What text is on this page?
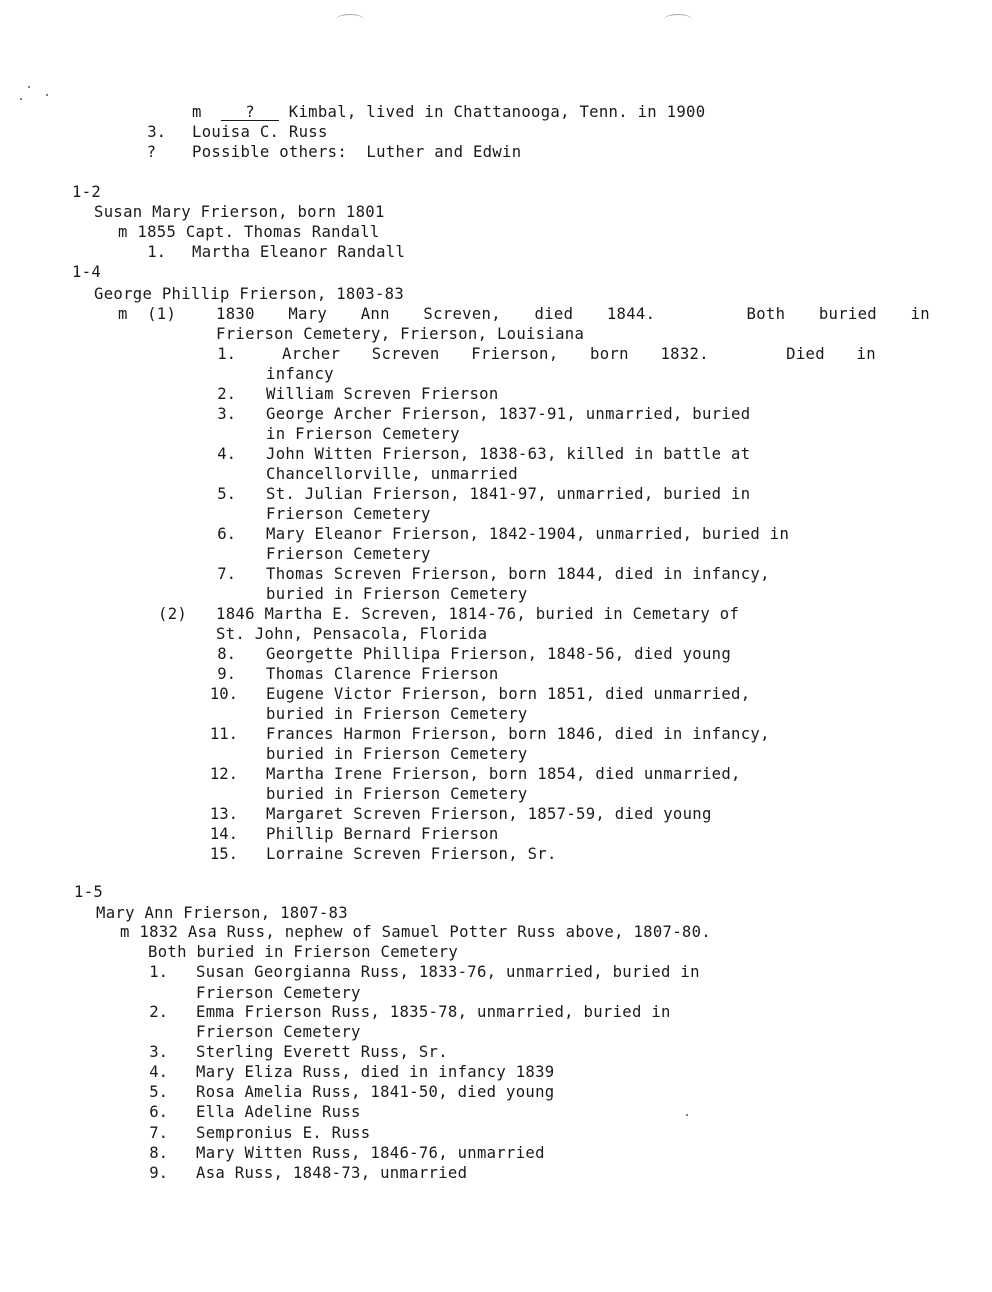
m	? Kimbal, lived in Chattanooga, Tenn. in 1900
3. Louisa C. Russ
? Possible others:  Luther and Edwin
1-2
Susan Mary Frierson, born 1801
m 1855 Capt. Thomas Randall
1. Martha Eleanor Randall
1-4
George Phillip Frierson, 1803-83
m  (1)	1830 Mary Ann Screven, died 1844.	Both buried in
Frierson Cemetery, Frierson, Louisiana
1.	Archer Screven Frierson, born 1832.	Died in
infancy
2. William Screven Frierson
3. George Archer Frierson, 1837-91, unmarried, buried
in Frierson Cemetery
4. John Witten Frierson, 1838-63, killed in battle at
Chancellorville, unmarried
5. St. Julian Frierson, 1841-97, unmarried, buried in
Frierson Cemetery
6. Mary Eleanor Frierson, 1842-1904, unmarried, buried in
Frierson Cemetery
7. Thomas Screven Frierson, born 1844, died in infancy,
buried in Frierson Cemetery
(2) 1846 Martha E. Screven, 1814-76, buried in Cemetary of
St. John, Pensacola, Florida
8. Georgette Phillipa Frierson, 1848-56, died young
9. Thomas Clarence Frierson
10. Eugene Victor Frierson, born 1851, died unmarried,
buried in Frierson Cemetery
11. Frances Harmon Frierson, born 1846, died in infancy,
buried in Frierson Cemetery
12. Martha Irene Frierson, born 1854, died unmarried,
buried in Frierson Cemetery
13. Margaret Screven Frierson, 1857-59, died young
14. Phillip Bernard Frierson
15. Lorraine Screven Frierson, Sr.
1-5
Mary Ann Frierson, 1807-83
m 1832 Asa Russ, nephew of Samuel Potter Russ above, 1807-80.
Both buried in Frierson Cemetery
1. Susan Georgianna Russ, 1833-76, unmarried, buried in
Frierson Cemetery
2. Emma Frierson Russ, 1835-78, unmarried, buried in
Frierson Cemetery
3. Sterling Everett Russ, Sr.
4. Mary Eliza Russ, died in infancy 1839
5. Rosa Amelia Russ, 1841-50, died young
6. Ella Adeline Russ
7. Sempronius E. Russ
8. Mary Witten Russ, 1846-76, unmarried
9. Asa Russ, 1848-73, unmarried
